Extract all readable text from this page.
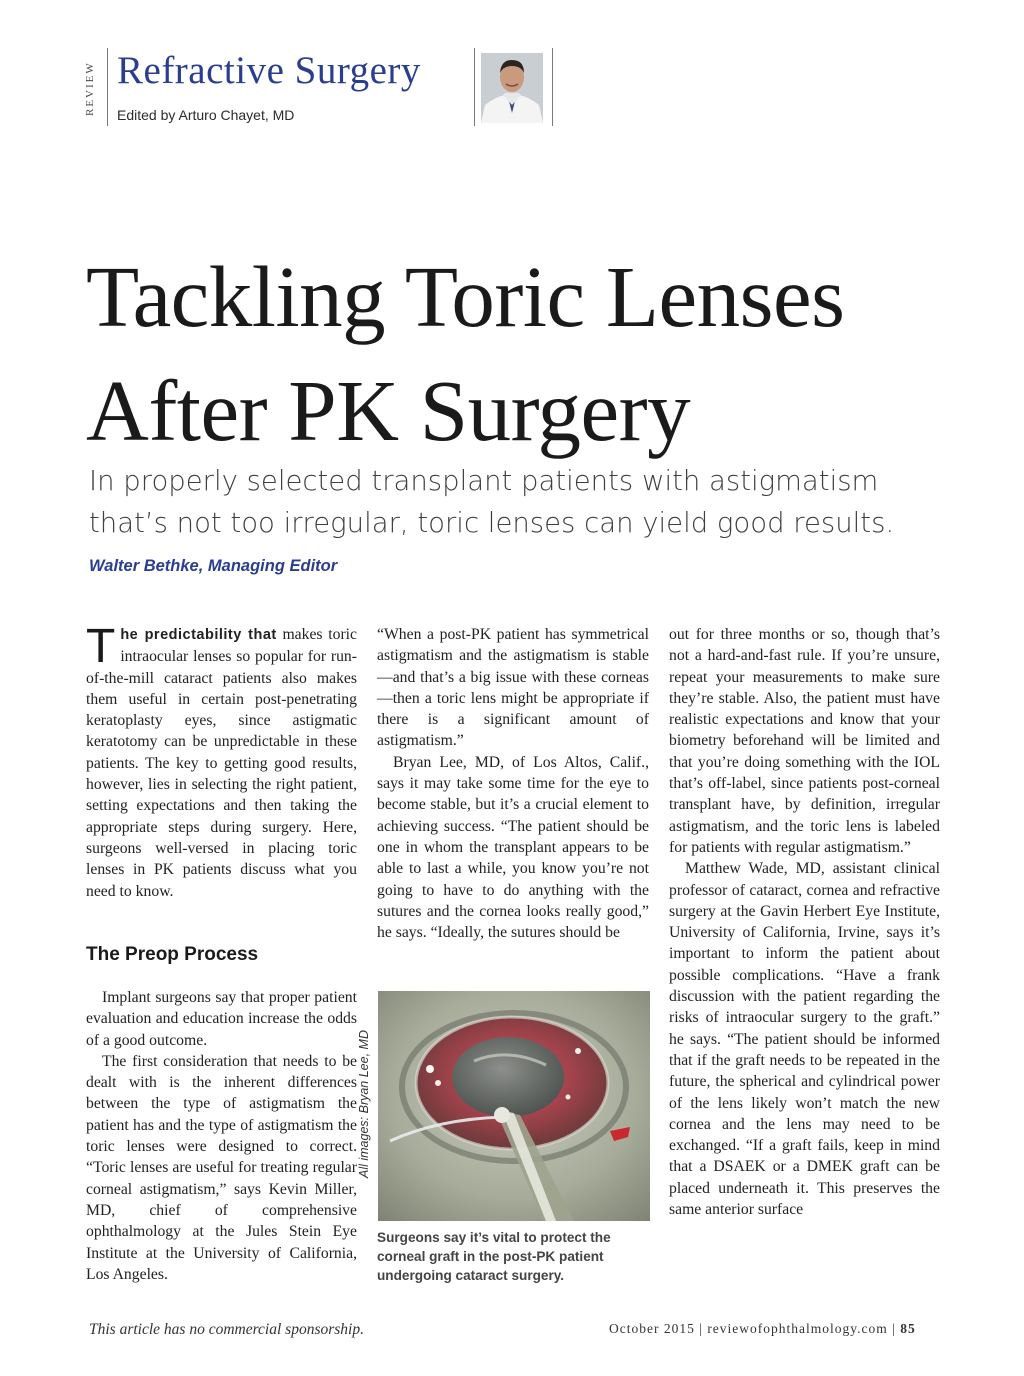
REVIEW Refractive Surgery
Edited by Arturo Chayet, MD
Tackling Toric Lenses
After PK Surgery
In properly selected transplant patients with astigmatism that’s not too irregular, toric lenses can yield good results.
Walter Bethke, Managing Editor

The predictability that makes toric intraocular lenses so popular for run-of-the-mill cataract patients also makes them useful in certain post-penetrating keratoplasty eyes, since astigmatic keratotomy can be unpredictable in these patients. The key to getting good results, however, lies in selecting the right patient, setting expectations and then taking the appropriate steps during surgery. Here, surgeons well-versed in placing toric lenses in PK patients discuss what you need to know.

The Preop Process

Implant surgeons say that proper patient evaluation and education increase the odds of a good outcome.

The first consideration that needs to be dealt with is the inherent differences between the type of astigmatism the patient has and the type of astigmatism the toric lenses were designed to correct. “Toric lenses are useful for treating regular corneal astigmatism,” says Kevin Miller, MD, chief of comprehensive ophthalmology at the Jules Stein Eye Institute at the University of California, Los Angeles.

“When a post-PK patient has symmetrical astigmatism and the astigmatism is stable—and that’s a big issue with these corneas—then a toric lens might be appropriate if there is a significant amount of astigmatism.”

Bryan Lee, MD, of Los Altos, Calif., says it may take some time for the eye to become stable, but it’s a crucial element to achieving success. “The patient should be one in whom the transplant appears to be able to last a while, you know you’re not going to have to do anything with the sutures and the cornea looks really good,” he says. “Ideally, the sutures should be

All images: Bryan Lee, MD
Surgeons say it’s vital to protect the corneal graft in the post-PK patient undergoing cataract surgery.

out for three months or so, though that’s not a hard-and-fast rule. If you’re unsure, repeat your measurements to make sure they’re stable. Also, the patient must have realistic expectations and know that your biometry beforehand will be limited and that you’re doing something with the IOL that’s off-label, since patients post-corneal transplant have, by definition, irregular astigmatism, and the toric lens is labeled for patients with regular astigmatism.”

Matthew Wade, MD, assistant clinical professor of cataract, cornea and refractive surgery at the Gavin Herbert Eye Institute, University of California, Irvine, says it’s important to inform the patient about possible complications. “Have a frank discussion with the patient regarding the risks of intraocular surgery to the graft.” he says. “The patient should be informed that if the graft needs to be repeated in the future, the spherical and cylindrical power of the lens likely won’t match the new cornea and the lens may need to be exchanged. “If a graft fails, keep in mind that a DSAEK or a DMEK graft can be placed underneath it. This preserves the same anterior surface

This article has no commercial sponsorship.	October 2015 | reviewofophthalmology.com | 85
